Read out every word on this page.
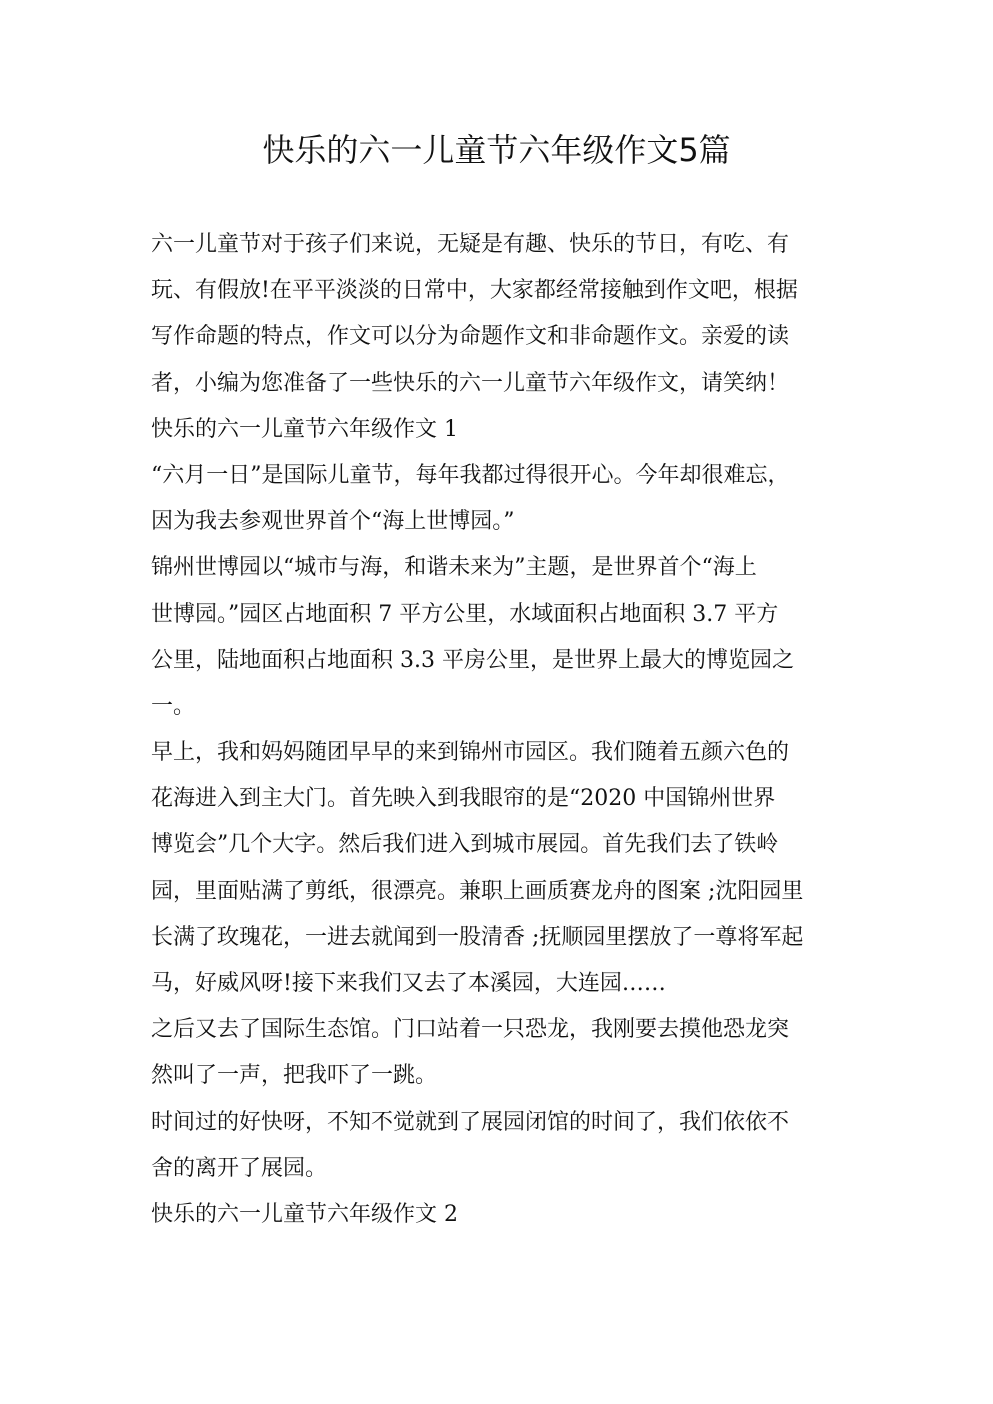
快乐的六一儿童节六年级作文5篇

六一儿童节对于孩子们来说，无疑是有趣、快乐的节日，有吃、有

玩、有假放!在平平淡淡的日常中，大家都经常接触到作文吧，根据

写作命题的特点，作文可以分为命题作文和非命题作文。亲爱的读

者，小编为您准备了一些快乐的六一儿童节六年级作文，请笑纳！

快乐的六一儿童节六年级作文 1

“六月一日”是国际儿童节，每年我都过得很开心。今年却很难忘，

因为我去参观世界首个“海上世博园。”

锦州世博园以“城市与海，和谐未来为”主题，是世界首个“海上

世博园。”园区占地面积 7 平方公里，水域面积占地面积 3.7 平方

公里，陆地面积占地面积 3.3 平房公里，是世界上最大的博览园之

一。

早上，我和妈妈随团早早的来到锦州市园区。我们随着五颜六色的

花海进入到主大门。首先映入到我眼帘的是“2020 中国锦州世界

博览会”几个大字。然后我们进入到城市展园。首先我们去了铁岭

园，里面贴满了剪纸，很漂亮。兼职上画质赛龙舟的图案 ;沈阳园里

长满了玫瑰花，一进去就闻到一股清香 ;抚顺园里摆放了一尊将军起

马，好威风呀!接下来我们又去了本溪园，大连园……

之后又去了国际生态馆。门口站着一只恐龙，我刚要去摸他恐龙突

然叫了一声，把我吓了一跳。

时间过的好快呀，不知不觉就到了展园闭馆的时间了，我们依依不

舍的离开了展园。

快乐的六一儿童节六年级作文 2
